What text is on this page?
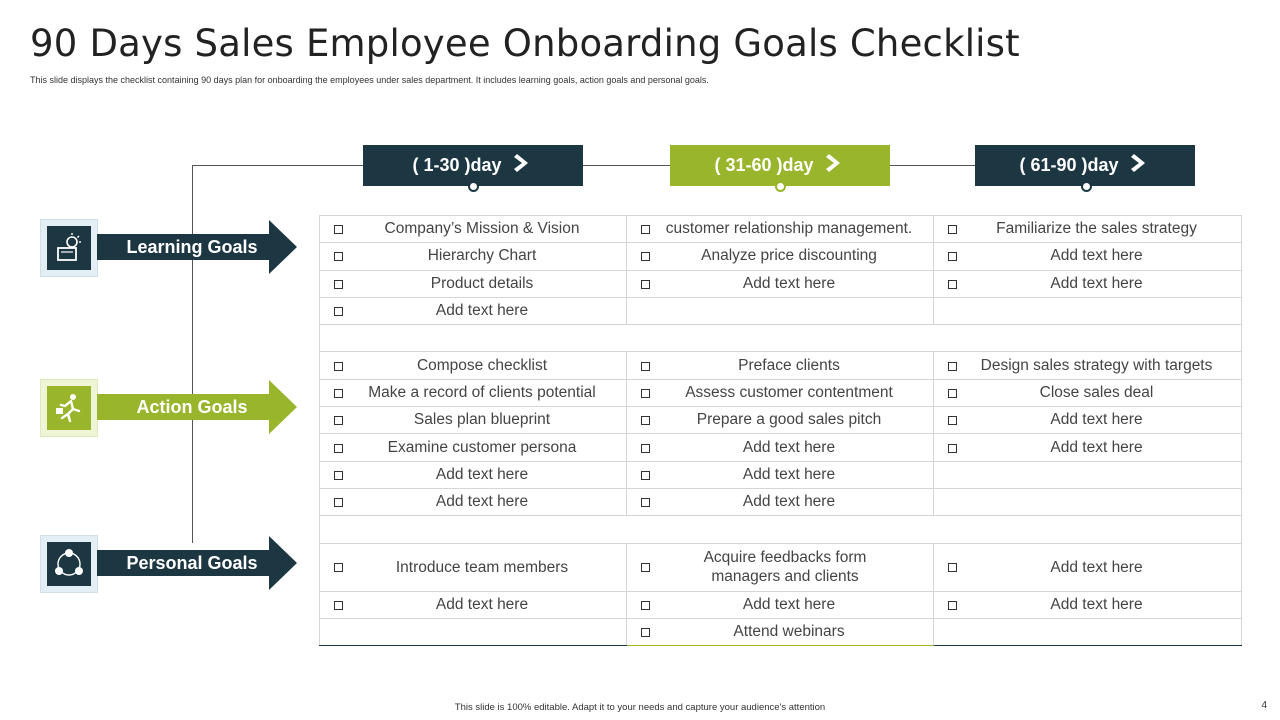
90 Days Sales Employee Onboarding Goals Checklist
This slide displays the checklist containing 90 days plan for onboarding the employees under sales department. It includes learning goals, action goals and personal goals.
( 1-30 )day	( 31-60 )day	( 61-90 )day
Learning Goals
Action Goals
Personal Goals
Company’s Mission & Vision	customer relationship management.	Familiarize the sales strategy

Hierarchy Chart	Analyze price discounting	Add text here

Product details	Add text here	Add text here

Add text here		

Compose checklist	Preface clients	Design sales strategy with targets

Make a record of clients potential	Assess customer contentment	Close sales deal

Sales plan blueprint	Prepare a good sales pitch	Add text here

Examine customer persona	Add text here	Add text here

Add text here	Add text here	

Add text here	Add text here	

Introduce team members	Acquire feedbacks form managers and clients	Add text here

Add text here	Add text here	Add text here

	Attend webinars	

This slide is 100% editable. Adapt it to your needs and capture your audience's attention	4
